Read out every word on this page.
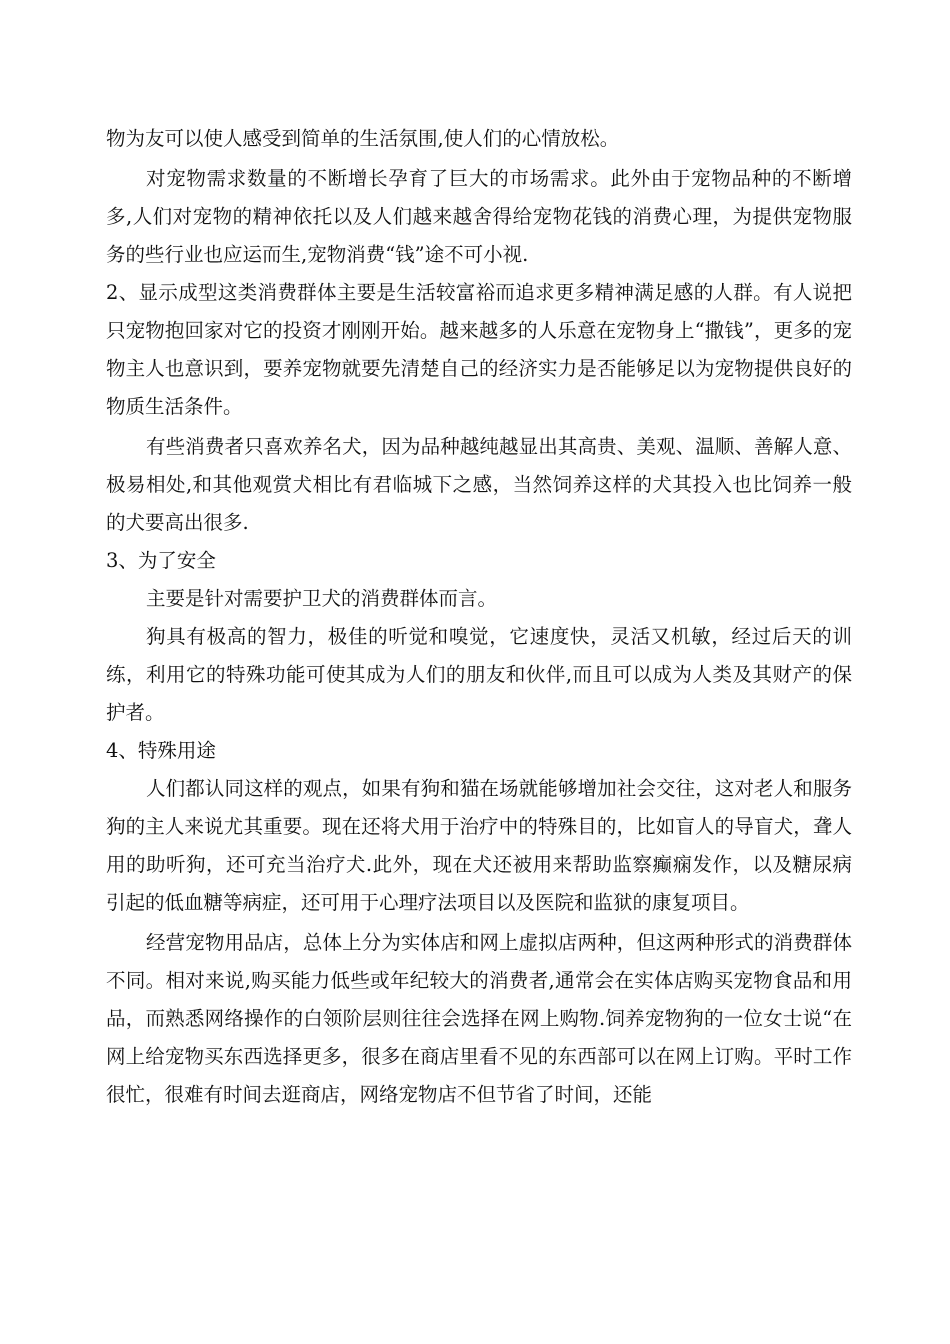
物为友可以使人感受到简单的生活氛围,使人们的心情放松。

对宠物需求数量的不断增长孕育了巨大的市场需求。此外由于宠物品种的不断增多,人们对宠物的精神依托以及人们越来越舍得给宠物花钱的消费心理，为提供宠物服务的些行业也应运而生,宠物消费“钱”途不可小视.

2、显示成型这类消费群体主要是生活较富裕而追求更多精神满足感的人群。有人说把只宠物抱回家对它的投资才刚刚开始。越来越多的人乐意在宠物身上“撒钱”，更多的宠物主人也意识到，要养宠物就要先清楚自己的经济实力是否能够足以为宠物提供良好的物质生活条件。

有些消费者只喜欢养名犬，因为品种越纯越显出其高贵、美观、温顺、善解人意、极易相处,和其他观赏犬相比有君临城下之感，当然饲养这样的犬其投入也比饲养一般的犬要高出很多.

3、为了安全

主要是针对需要护卫犬的消费群体而言。

狗具有极高的智力，极佳的听觉和嗅觉，它速度快，灵活又机敏，经过后天的训练，利用它的特殊功能可使其成为人们的朋友和伙伴,而且可以成为人类及其财产的保护者。

4、特殊用途

人们都认同这样的观点，如果有狗和猫在场就能够增加社会交往，这对老人和服务狗的主人来说尤其重要。现在还将犬用于治疗中的特殊目的，比如盲人的导盲犬，聋人用的助听狗，还可充当治疗犬.此外，现在犬还被用来帮助监察癫痫发作，以及糖尿病引起的低血糖等病症，还可用于心理疗法项目以及医院和监狱的康复项目。

经营宠物用品店，总体上分为实体店和网上虚拟店两种，但这两种形式的消费群体不同。相对来说,购买能力低些或年纪较大的消费者,通常会在实体店购买宠物食品和用品，而熟悉网络操作的白领阶层则往往会选择在网上购物.饲养宠物狗的一位女士说“在网上给宠物买东西选择更多，很多在商店里看不见的东西部可以在网上订购。平时工作很忙，很难有时间去逛商店，网络宠物店不但节省了时间，还能
